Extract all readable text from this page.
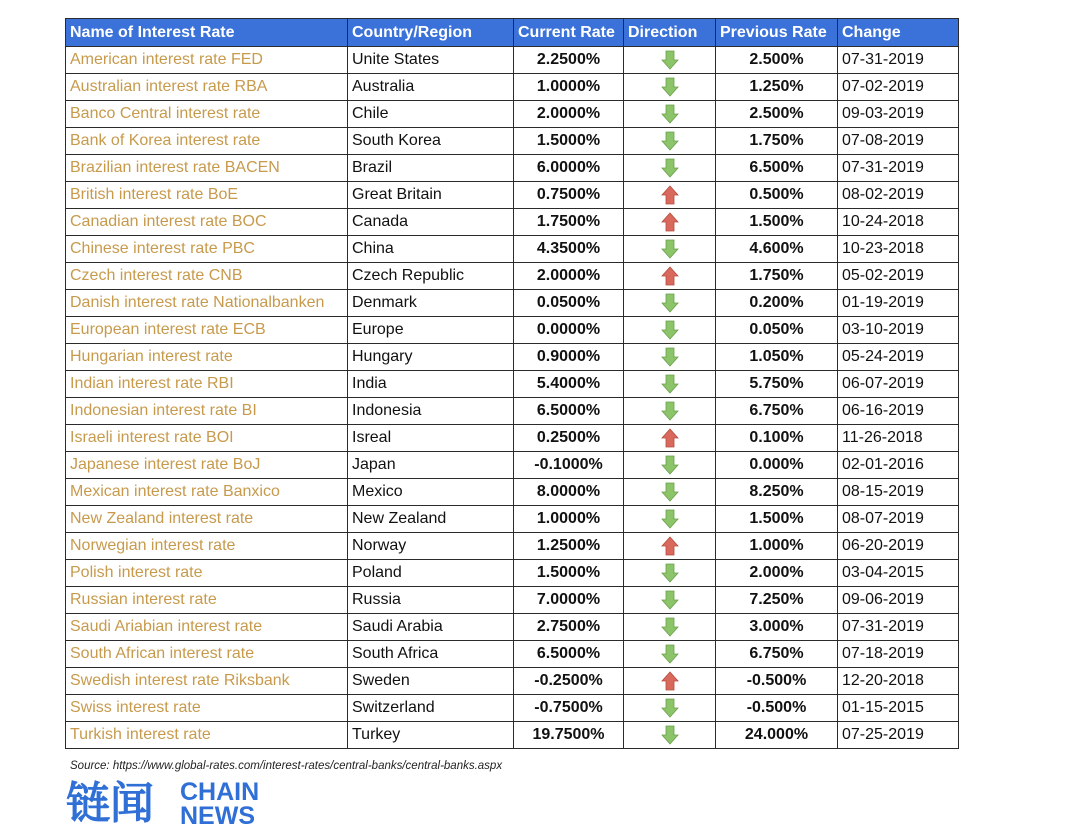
Name of Interest Rate	Country/Region	Current Rate	Direction	Previous Rate	Change
American interest rate FED	Unite States	2.2500%		2.500%	07-31-2019
Australian interest rate RBA	Australia	1.0000%		1.250%	07-02-2019
Banco Central interest rate	Chile	2.0000%		2.500%	09-03-2019
Bank of Korea interest rate	South Korea	1.5000%		1.750%	07-08-2019
Brazilian interest rate BACEN	Brazil	6.0000%		6.500%	07-31-2019
British interest rate BoE	Great Britain	0.7500%		0.500%	08-02-2019
Canadian interest rate BOC	Canada	1.7500%		1.500%	10-24-2018
Chinese interest rate PBC	China	4.3500%		4.600%	10-23-2018
Czech interest rate CNB	Czech Republic	2.0000%		1.750%	05-02-2019
Danish interest rate Nationalbanken	Denmark	0.0500%		0.200%	01-19-2019
European interest rate ECB	Europe	0.0000%		0.050%	03-10-2019
Hungarian interest rate	Hungary	0.9000%		1.050%	05-24-2019
Indian interest rate RBI	India	5.4000%		5.750%	06-07-2019
Indonesian interest rate BI	Indonesia	6.5000%		6.750%	06-16-2019
Israeli interest rate BOI	Isreal	0.2500%		0.100%	11-26-2018
Japanese interest rate BoJ	Japan	-0.1000%		0.000%	02-01-2016
Mexican interest rate Banxico	Mexico	8.0000%		8.250%	08-15-2019
New Zealand interest rate	New Zealand	1.0000%		1.500%	08-07-2019
Norwegian interest rate	Norway	1.2500%		1.000%	06-20-2019
Polish interest rate	Poland	1.5000%		2.000%	03-04-2015
Russian interest rate	Russia	7.0000%		7.250%	09-06-2019
Saudi Ariabian interest rate	Saudi Arabia	2.7500%		3.000%	07-31-2019
South African interest rate	South Africa	6.5000%		6.750%	07-18-2019
Swedish interest rate Riksbank	Sweden	-0.2500%		-0.500%	12-20-2018
Swiss interest rate	Switzerland	-0.7500%		-0.500%	01-15-2015
Turkish interest rate	Turkey	19.7500%		24.000%	07-25-2019
Source: https://www.global-rates.com/interest-rates/central-banks/central-banks.aspx
链闻 CHAIN
NEWS
